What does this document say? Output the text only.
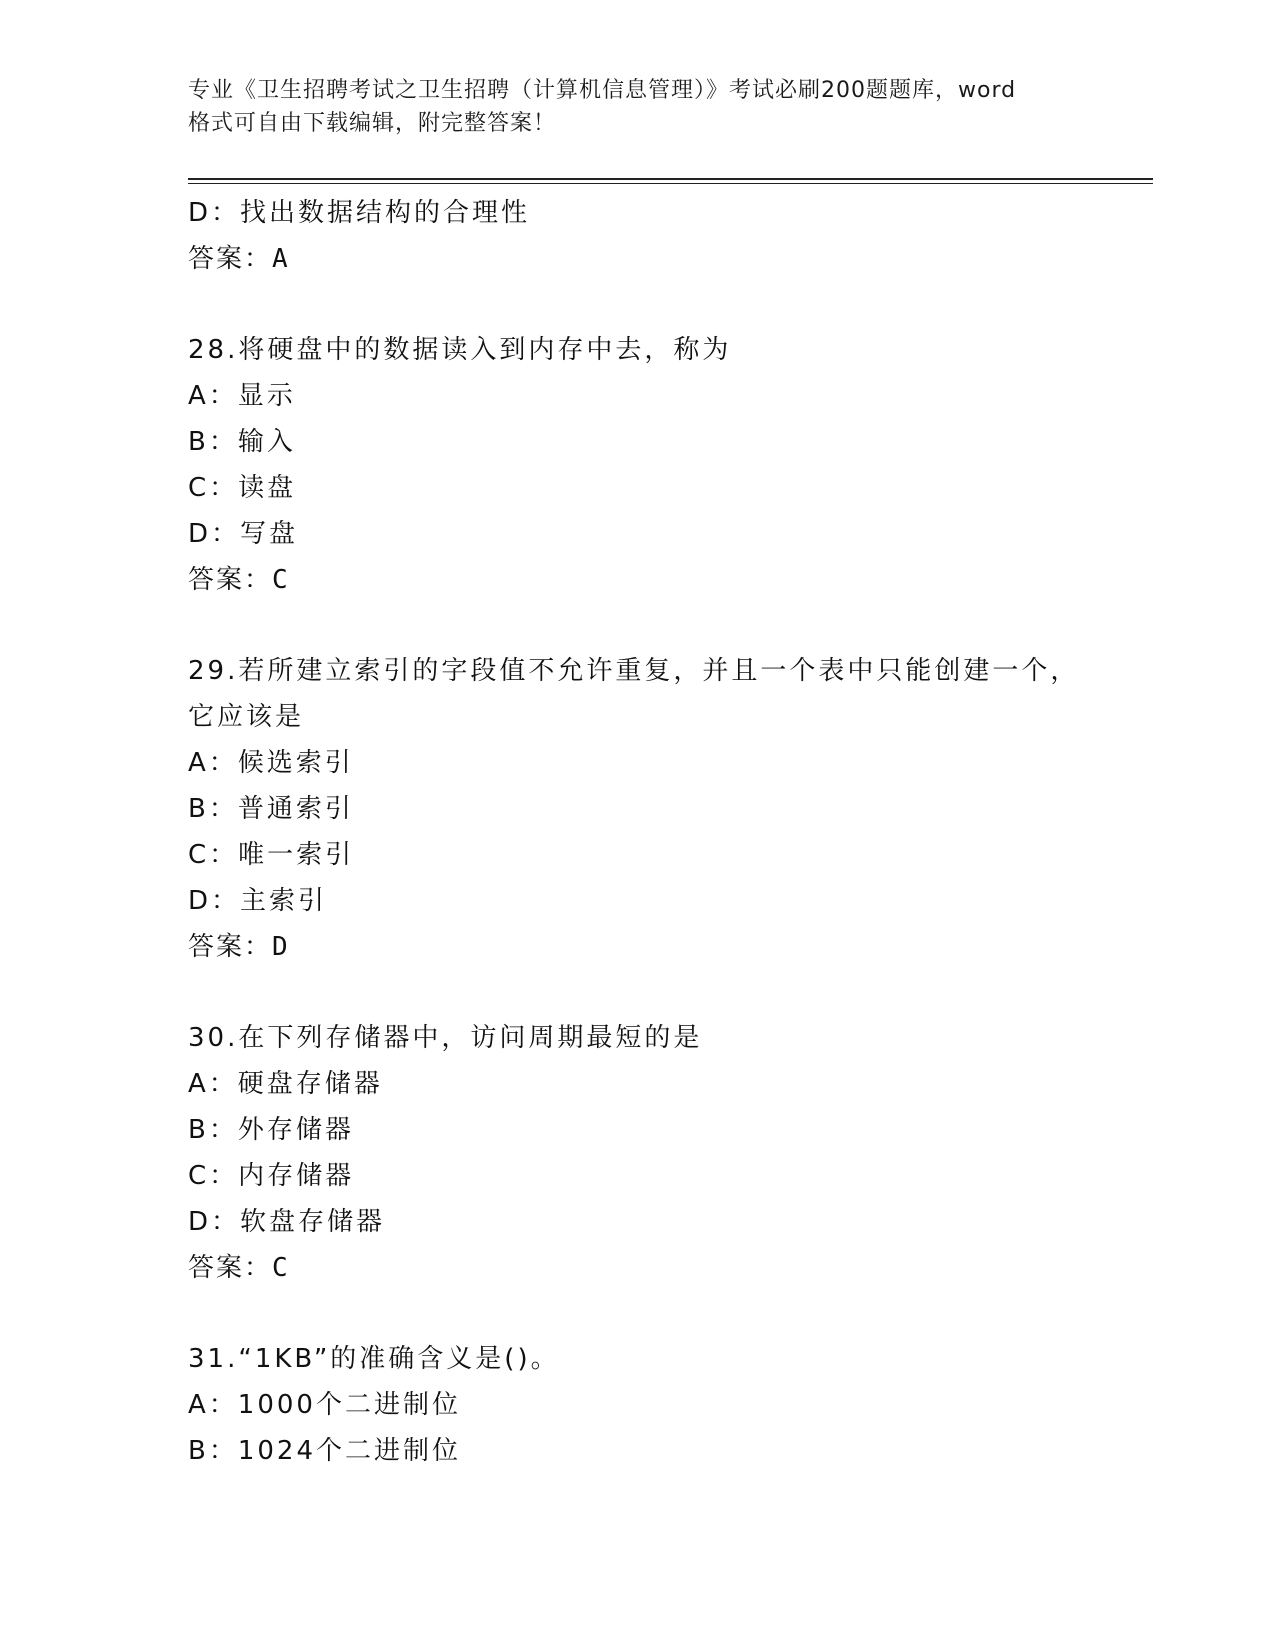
专业《卫生招聘考试之卫生招聘（计算机信息管理）》考试必刷200题题库，word
格式可自由下载编辑，附完整答案！
D：找出数据结构的合理性
答案：A
28.将硬盘中的数据读入到内存中去，称为
A：显示
B：输入
C：读盘
D：写盘
答案：C
29.若所建立索引的字段值不允许重复，并且一个表中只能创建一个，
它应该是
A：候选索引
B：普通索引
C：唯一索引
D：主索引
答案：D
30.在下列存储器中，访问周期最短的是
A：硬盘存储器
B：外存储器
C：内存储器
D：软盘存储器
答案：C
31.“1KB”的准确含义是()。
A：1000个二进制位
B：1024个二进制位
